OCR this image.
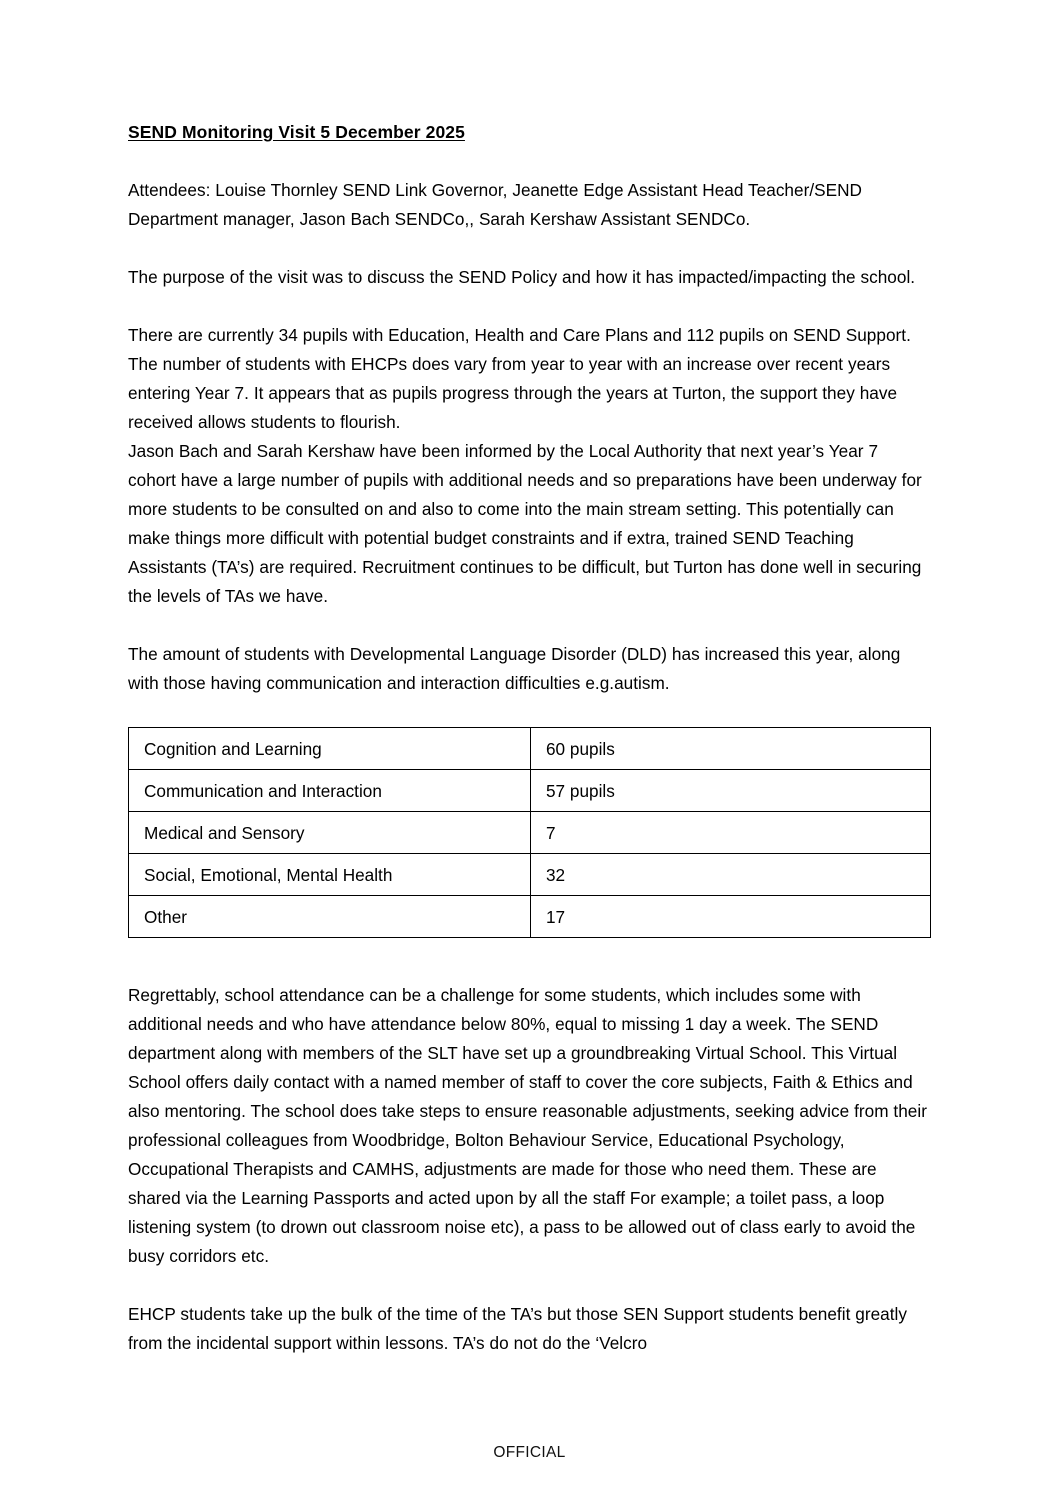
SEND Monitoring Visit 5 December 2025

Attendees: Louise Thornley SEND Link Governor, Jeanette Edge Assistant Head Teacher/SEND Department manager, Jason Bach SENDCo,, Sarah Kershaw Assistant SENDCo.

The purpose of the visit was to discuss the SEND Policy and how it has impacted/impacting the school.

There are currently 34 pupils with Education, Health and Care Plans and 112 pupils on SEND Support. The number of students with EHCPs does vary from year to year with an increase over recent years entering Year 7. It appears that as pupils progress through the years at Turton, the support they have received allows students to flourish.

Jason Bach and Sarah Kershaw have been informed by the Local Authority that next year’s Year 7 cohort have a large number of pupils with additional needs and so preparations have been underway for more students to be consulted on and also to come into the main stream setting. This potentially can make things more difficult with potential budget constraints and if extra, trained SEND Teaching Assistants (TA’s) are required. Recruitment continues to be difficult, but Turton has done well in securing the levels of TAs we have.

The amount of students with Developmental Language Disorder (DLD) has increased this year, along with those having communication and interaction difficulties e.g.autism.

Cognition and Learning	60 pupils
Communication and Interaction	57 pupils
Medical and Sensory	7
Social, Emotional, Mental Health	32
Other	17

Regrettably, school attendance can be a challenge for some students, which includes some with additional needs and who have attendance below 80%, equal to missing 1 day a week. The SEND department along with members of the SLT have set up a groundbreaking Virtual School. This Virtual School offers daily contact with a named member of staff to cover the core subjects, Faith & Ethics and also mentoring. The school does take steps to ensure reasonable adjustments, seeking advice from their professional colleagues from Woodbridge, Bolton Behaviour Service, Educational Psychology, Occupational Therapists and CAMHS, adjustments are made for those who need them. These are shared via the Learning Passports and acted upon by all the staff For example; a toilet pass, a loop listening system (to drown out classroom noise etc), a pass to be allowed out of class early to avoid the busy corridors etc.

EHCP students take up the bulk of the time of the TA’s but those SEN Support students benefit greatly from the incidental support within lessons. TA’s do not do the ‘Velcro

OFFICIAL
